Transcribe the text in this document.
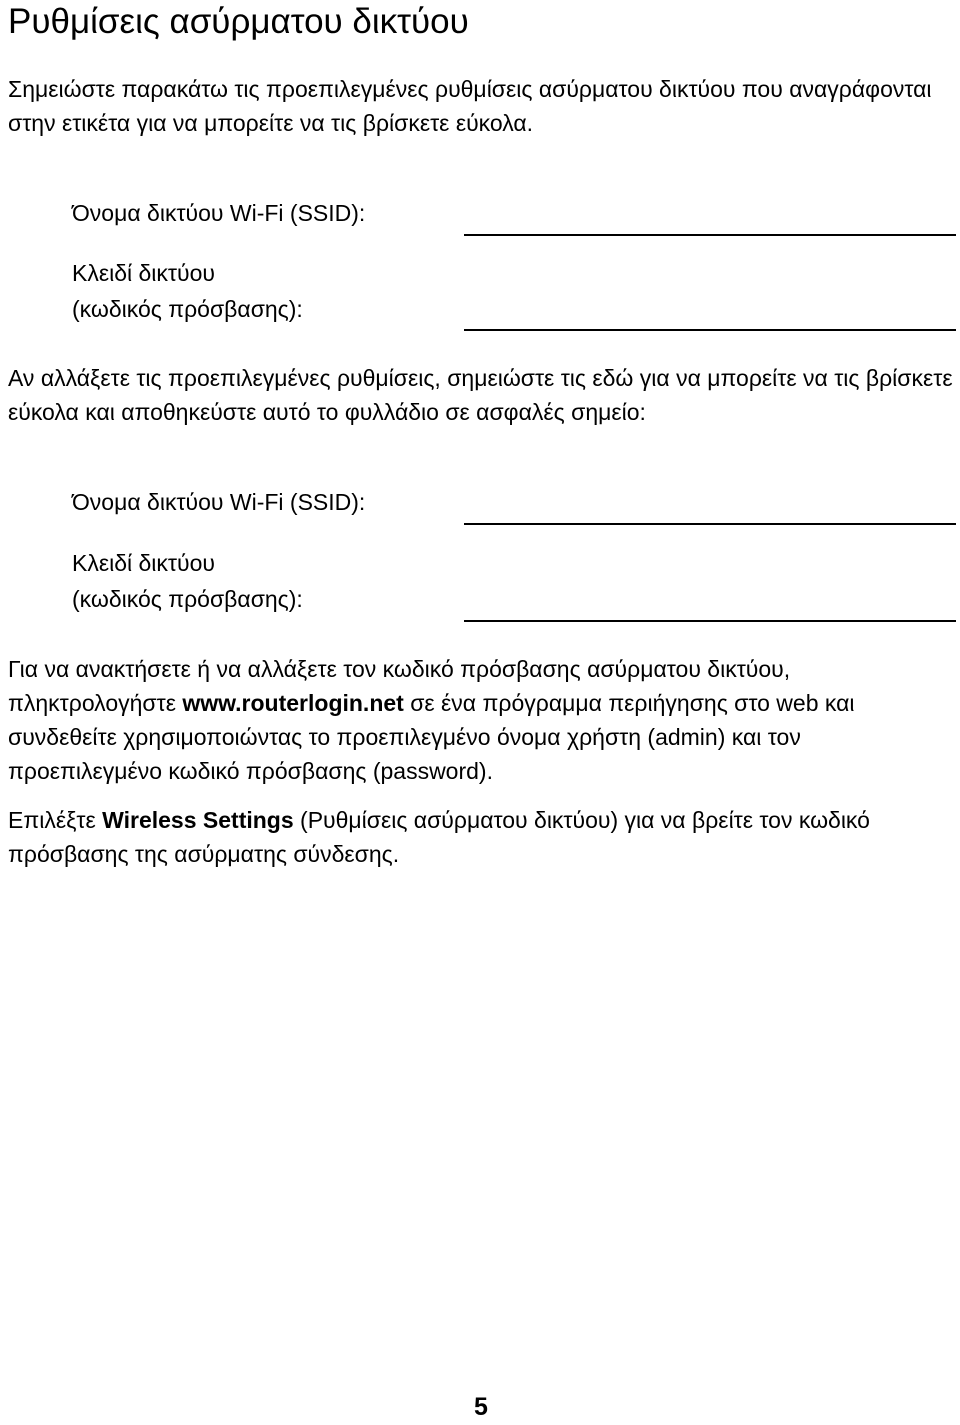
Ρυθμίσεις ασύρματου δικτύου

Σημειώστε παρακάτω τις προεπιλεγμένες ρυθμίσεις ασύρματου δικτύου που αναγράφονται στην ετικέτα για να μπορείτε να τις βρίσκετε εύκολα.

Όνομα δικτύου Wi-Fi (SSID):

Κλειδί δικτύου

(κωδικός πρόσβασης):

Αν αλλάξετε τις προεπιλεγμένες ρυθμίσεις, σημειώστε τις εδώ για να μπορείτε να τις βρίσκετε εύκολα και αποθηκεύστε αυτό το φυλλάδιο σε ασφαλές σημείο:

Όνομα δικτύου Wi-Fi (SSID):

Κλειδί δικτύου

(κωδικός πρόσβασης):

Για να ανακτήσετε ή να αλλάξετε τον κωδικό πρόσβασης ασύρματου δικτύου, πληκτρολογήστε www.routerlogin.net σε ένα πρόγραμμα περιήγησης στο web και συνδεθείτε χρησιμοποιώντας το προεπιλεγμένο όνομα χρήστη (admin) και τον προεπιλεγμένο κωδικό πρόσβασης (password).

Επιλέξτε Wireless Settings (Ρυθμίσεις ασύρματου δικτύου) για να βρείτε τον κωδικό πρόσβασης της ασύρματης σύνδεσης.

5
